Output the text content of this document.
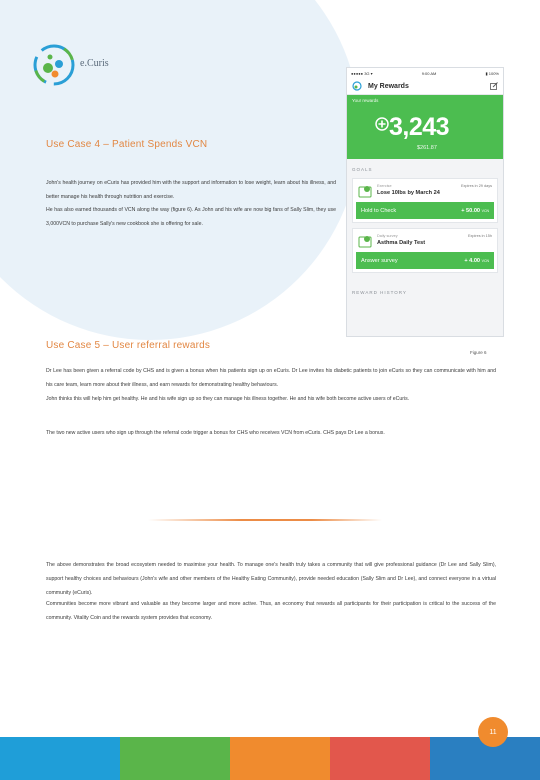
e.Curis
Use Case 4 – Patient Spends VCN

John's health journey on eCuris has provided him with the support and information to lose weight, learn about his illness, and better manage his health through nutrition and exercise.

He has also earned thousands of VCN along the way (figure 6). As John and his wife are now big fans of Sally Slim, they use 3,000VCN to purchase Sally's new cookbook she is offering for sale.

Use Case 5 – User referral rewards
Figure 6

Dr Lee has been given a referral code by CHS and is given a bonus when his patients sign up on eCuris. Dr Lee invites his diabetic patients to join eCuris so they can communicate with him and his care team, learn more about their illness, and earn rewards for demonstrating healthy behaviours.

John thinks this will help him get healthy. He and his wife sign up so they can manage his illness together. He and his wife both become active users of eCuris.

The two new active users who sign up through the referral code trigger a bonus for CHS who receives VCN from eCuris. CHS pays Dr Lee a bonus.

The above demonstrates the broad ecosystem needed to maximise your health. To manage one's health truly takes a community that will give professional guidance (Dr Lee and Sally Slim), support healthy choices and behaviours (John's wife and other members of the Healthy Eating Community), provide needed education (Sally Slim and Dr Lee), and connect everyone in a virtual community (eCuris).

Communities become more vibrant and valuable as they become larger and more active. Thus, an economy that rewards all participants for their participation is critical to the success of the community. Vitality Coin and the rewards system provides that economy.

●●●●● 3G ▾	9:00 AM	▮ 100%
My Rewards
Your rewards
3,243
$261.87
GOALS
Exercise
Lose 10lbs by March 24
Expires in 29 days
Hold to Check	+ 50.00 VCN
Daily survey
Asthma Daily Test
Expires in 15h
Answer survey	+ 4.00 VCN
REWARD HISTORY
11
